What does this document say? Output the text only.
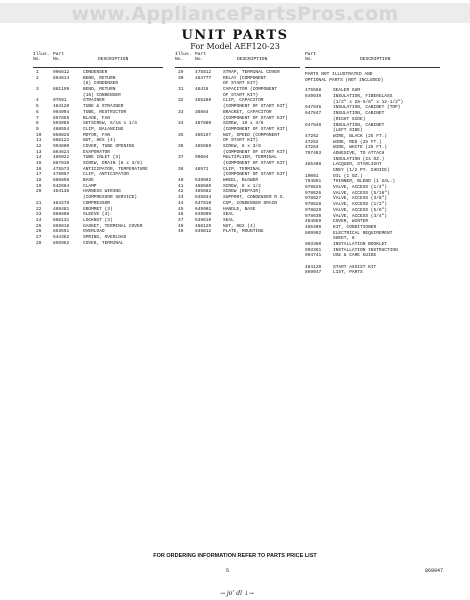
www.AppliancePartsPros.com
UNIT PARTS
For Model AEF120-23
Illus. Part
No.	No.	DESCRIPTION
1	996812	CONDENSER
2	864614	BEND, RETURN
(8) CONDENSER
3	861199	BEND, RETURN
(16) CONDENSER
4	97591	STRAINER
5	484120	TUBE & STRAINER
6	994994	TUBE, RESTRICTOR
7	857855	BLADE, FAN
8	593085	SETSCREW, 5/16 x 1/4
9	488554	CLIP, BALANCING
10	858826	MOTOR, FAN
11	868122	NUT, HEX (4)
12	994800	COVER, TUBE OPENING
13	864624	EVAPORATOR
14	485022	TUBE INLET (3)
15	887810	SCREW, DRAIN (8 x 3/8)
16	475573	ANTICIPATOR, TEMPERATURE
17	476057	CLIP, ANTICIPATOR
18	866898	BASE
19	642684	CLAMP
20	484136	HARNESS WIRING
(COMPRESSOR SERVICE)
21	484278	COMPRESSOR
22	469481	GROMMET (3)
23	868898	SLEEVE (3)
24	868131	LOCKNUT (3)
25	869818	GASKET, TERMINAL COVER
26	853551	OVERLOAD
27	644362	SPRING, OVERLOAD
28	855962	COVER, TERMINAL
Illus. Part
No.	No.	DESCRIPTION
29	475812	STRAP, TERMINAL COVER
30	484777	RELAY (COMPONENT
OF START KIT)
31	48416	CAPACITOR (COMPONENT
OF START KIT)
32	465280	CLIP, CAPACITOR
(COMPONENT OF START KIT)
33	38864	BRACKET, CAPACITOR
(COMPONENT OF START KIT)
34	487880	SCREW, 10 x 3/8
(COMPONENT OF START KIT)
35	486197	NUT, SPEED (COMPONENT
OF START KIT)
36	485669	SCREW, 8 x 3/8
(COMPONENT OF START KIT)
37	90684	MULTIPLIER, TERMINAL
(COMPONENT OF START KIT)
38	48571	CLIP, TERMINAL
(COMPONENT OF START KIT)
40	649802	WHEEL, BLOWER
41	488680	SCREW, 8 x 1/2
42	485682	SCREW (REPAIR)
43	649834	SUPPORT, CONDENSER R.S.
44	647810	CUP, CONDENSER DRAIN
45	649901	HANDLE, BASE
46	649809	SEAL
47	649610	SEAL
48	488120	NUT, HEX (4)
49	649812	PLATE, MOUNTING
Part
No.	DESCRIPTION
PARTS NOT ILLUSTRATED AND
OPTIONAL PARTS (NOT INCLUDED)
475568	SEALER GUM
649939	INSULATION, FIBERGLASS
(1/2" x 28-5/8" x 12-1/2")
647846	INSULATION, CABINET (TOP)
647847	INSULATION, CABINET
(RIGHT SIDE)
647848	INSULATION, CABINET
(LEFT SIDE)
47262	WIRE, BLACK (25 FT.)
47262	WIRE, RED (25 FT.)
47263	WIRE, WHITE (25 FT.)
797403	ADHESIVE, TO ATTACH
INSULATION (24 OZ.)
485408	LACQUER, STARLIGHT
GREY (1/2 PT. CHOICE)
10081	OIL (1 OZ.)
794851	THINNER, BLEND (1 GAL.)
978625	VALVE, ACCESS (1/4")
978626	VALVE, ACCESS (5/16")
978627	VALVE, ACCESS (3/8")
978628	VALVE, ACCESS (1/2")
978629	VALVE, ACCESS (5/8")
978630	VALVE, ACCESS (3/4")
484869	COVER, WINTER
485409	KIT, CONDITIONER
869902	ELECTRICAL REQUIREMENT
SHEET, 8
993360	INSTALLATION BOOKLET
993361	INSTALLATION INSTRUCTION
994741	USE & CARE GUIDE
484120	START ASSIST KIT
869047	LIST, PARTS
FOR ORDERING INFORMATION REFER TO PARTS PRICE LIST
5	869047
→ jo’ dl ↓→
